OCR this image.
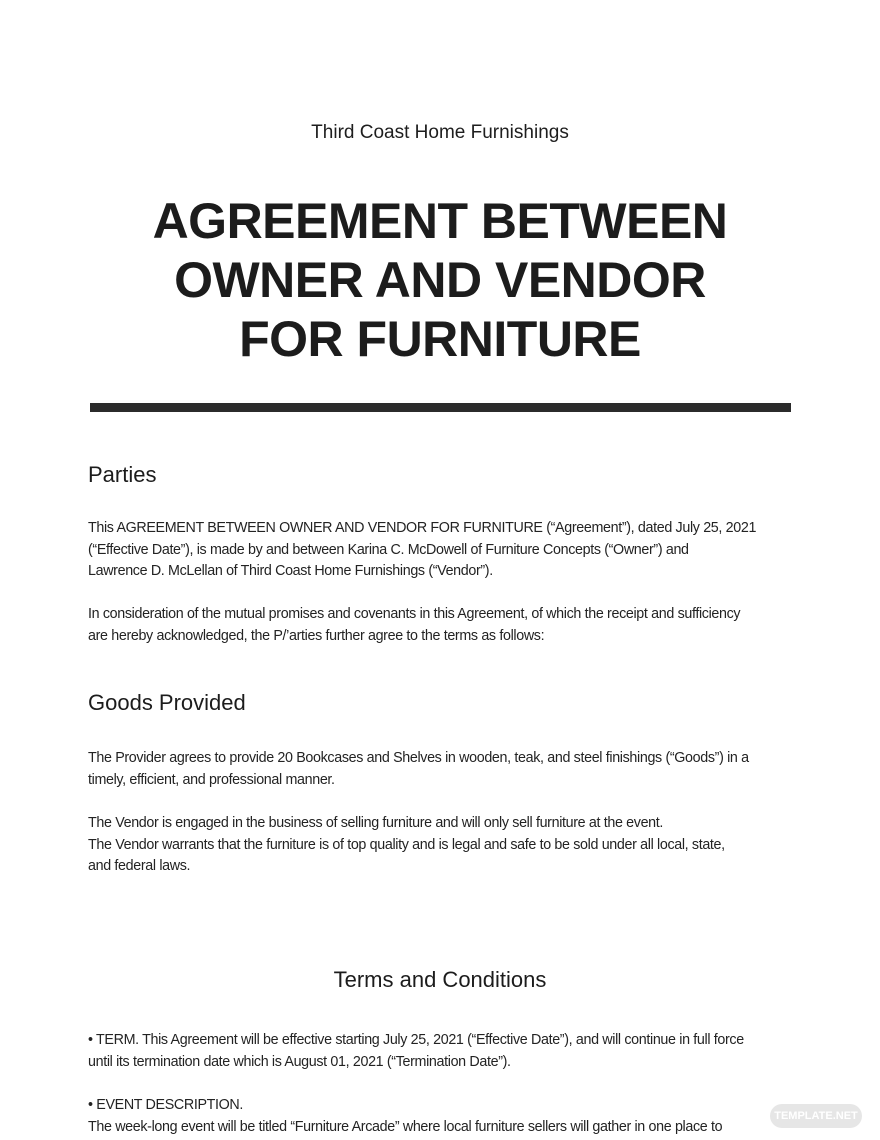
Third Coast Home Furnishings
AGREEMENT BETWEEN
OWNER AND VENDOR
FOR FURNITURE
Parties

This AGREEMENT BETWEEN OWNER AND VENDOR FOR FURNITURE (“Agreement”), dated July 25, 2021

(“Effective Date”), is made by and between Karina C. McDowell of Furniture Concepts (“Owner”) and

Lawrence D. McLellan of Third Coast Home Furnishings (“Vendor”).

In consideration of the mutual promises and covenants in this Agreement, of which the receipt and sufficiency

are hereby acknowledged, the P/’arties further agree to the terms as follows:

Goods Provided

The Provider agrees to provide 20 Bookcases and Shelves in wooden, teak, and steel finishings (“Goods”) in a

timely, efficient, and professional manner.

The Vendor is engaged in the business of selling furniture and will only sell furniture at the event.

The Vendor warrants that the furniture is of top quality and is legal and safe to be sold under all local, state,

and federal laws.

Terms and Conditions

• TERM. This Agreement will be effective starting July 25, 2021 (“Effective Date”), and will continue in full force

until its termination date which is August 01, 2021 (“Termination Date”).

• EVENT DESCRIPTION.

The week-long event will be titled “Furniture Arcade” where local furniture sellers will gather in one place to

TEMPLATE.NET
